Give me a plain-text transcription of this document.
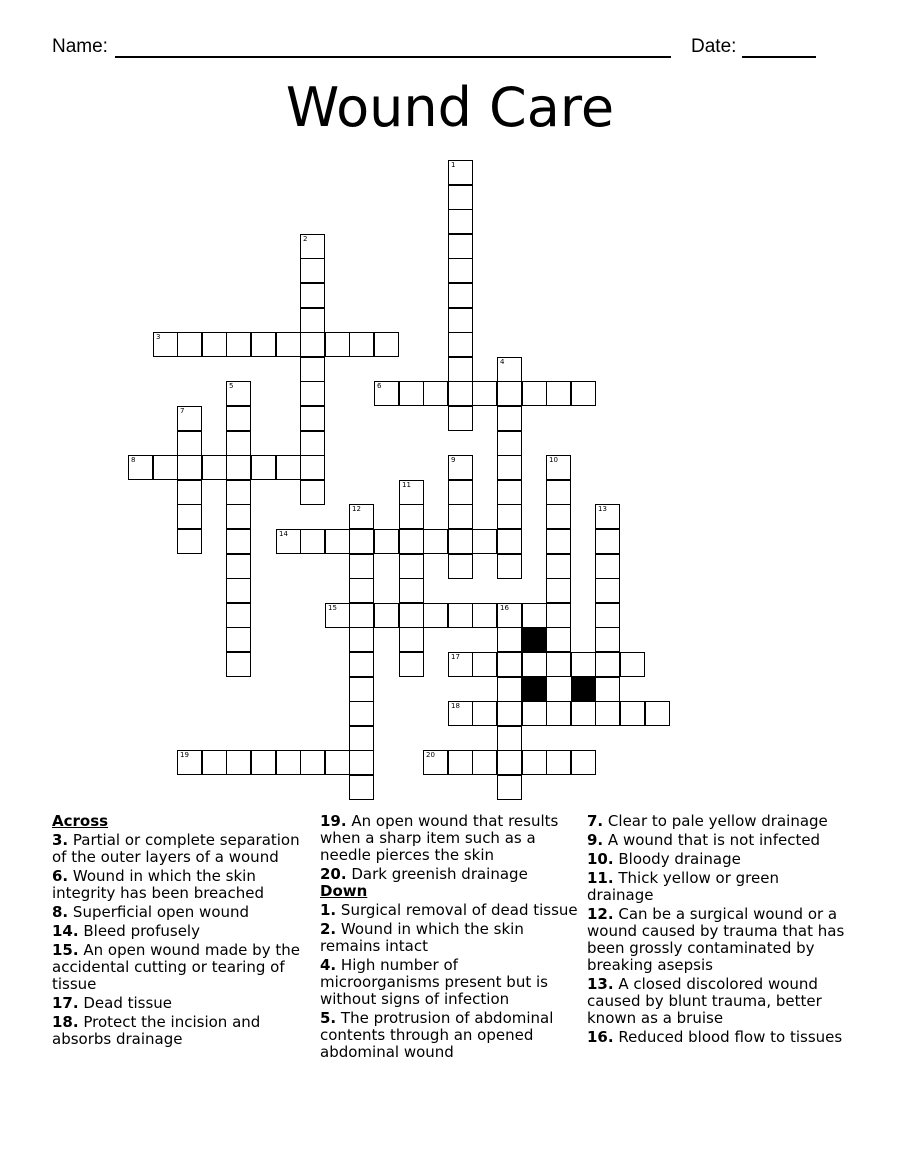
Name:	Date:
Wound Care
1
2
3
4
5	6
7
8	9	10
11
12	13
14
15	16
17
18
19	20
Across
3. Partial or complete separation of the outer layers of a wound
6. Wound in which the skin integrity has been breached
8. Superficial open wound
14. Bleed profusely
15. An open wound made by the accidental cutting or tearing of tissue
17. Dead tissue
18. Protect the incision and absorbs drainage
19. An open wound that results when a sharp item such as a needle pierces the skin
20. Dark greenish drainage
Down
1. Surgical removal of dead tissue
2. Wound in which the skin remains intact
4. High number of microorganisms present but is without signs of infection
5. The protrusion of abdominal contents through an opened abdominal wound
7. Clear to pale yellow drainage
9. A wound that is not infected
10. Bloody drainage
11. Thick yellow or green drainage
12. Can be a surgical wound or a wound caused by trauma that has been grossly contaminated by breaking asepsis
13. A closed discolored wound caused by blunt trauma, better known as a bruise
16. Reduced blood flow to tissues
